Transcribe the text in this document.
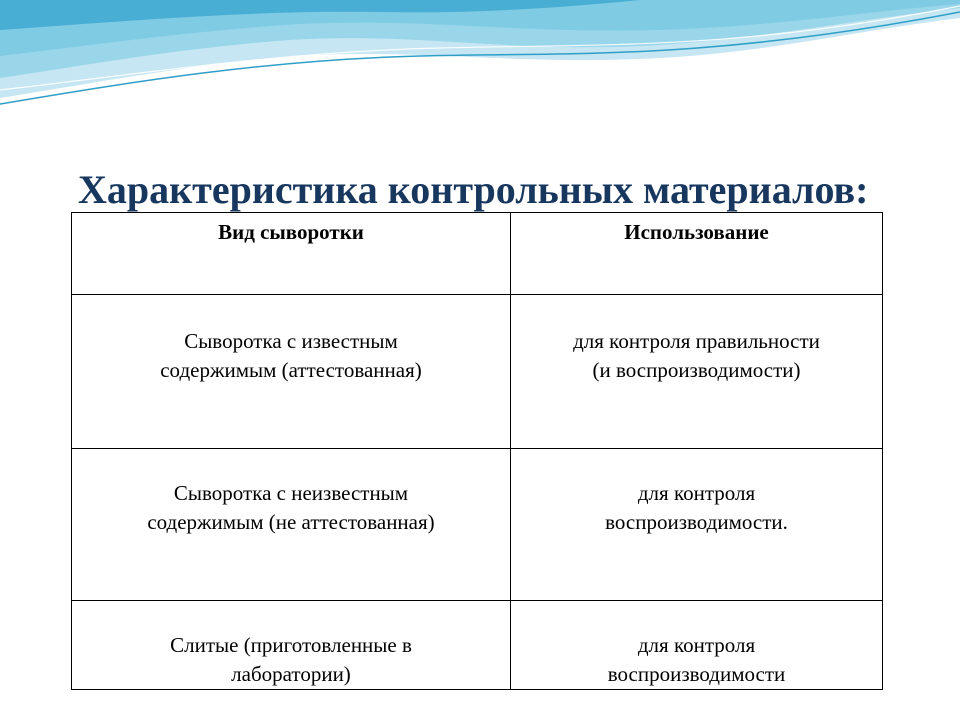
Характеристика контрольных материалов:
Вид сыворотки	Использование

Сыворотка с известным
содержимым (аттестованная)	для контроля правильности
(и воспроизводимости)

Сыворотка с неизвестным
содержимым (не аттестованная)	для контроля
воспроизводимости.

Слитые (приготовленные в
лаборатории)	для контроля
воспроизводимости
